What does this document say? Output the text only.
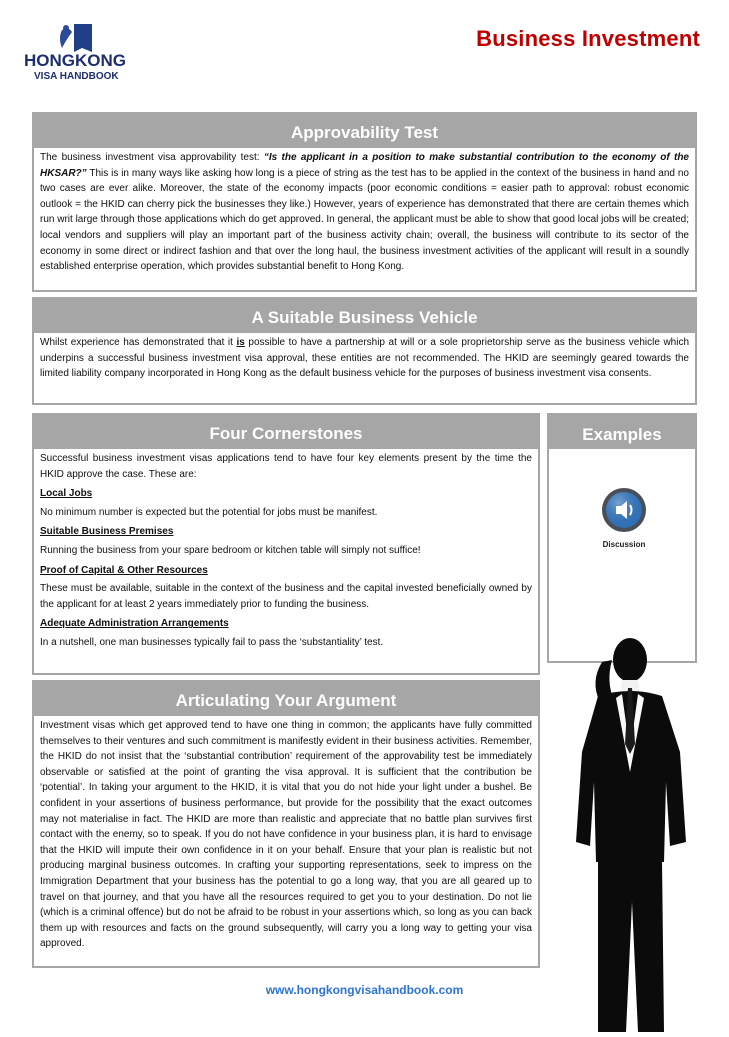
HONGKONG
VISA HANDBOOK
Business Investment
Approvability Test

The business investment visa approvability test: “Is the applicant in a position to make substantial contribution to the economy of the HKSAR?” This is in many ways like asking how long is a piece of string as the test has to be applied in the context of the business in hand and no two cases are ever alike. Moreover, the state of the economy impacts (poor economic conditions = easier path to approval: robust economic outlook = the HKID can cherry pick the businesses they like.) However, years of experience has demonstrated that there are certain themes which run writ large through those applications which do get approved. In general, the applicant must be able to show that good local jobs will be created; local vendors and suppliers will play an important part of the business activity chain; overall, the business will contribute to its sector of the economy in some direct or indirect fashion and that over the long haul, the business investment activities of the applicant will result in a soundly established enterprise operation, which provides substantial benefit to Hong Kong.

A Suitable Business Vehicle

Whilst experience has demonstrated that it is possible to have a partnership at will or a sole proprietorship serve as the business vehicle which underpins a successful business investment visa approval, these entities are not recommended. The HKID are seemingly geared towards the limited liability company incorporated in Hong Kong as the default business vehicle for the purposes of business investment visa consents.

Four Cornerstones

Successful business investment visas applications tend to have four key elements present by the time the HKID approve the case. These are:

Local Jobs
No minimum number is expected but the potential for jobs must be manifest.
Suitable Business Premises
Running the business from your spare bedroom or kitchen table will simply not suffice!
Proof of Capital & Other Resources
These must be available, suitable in the context of the business and the capital invested beneficially owned by the applicant for at least 2 years immediately prior to funding the business.
Adequate Administration Arrangements
In a nutshell, one man businesses typically fail to pass the ‘substantiality’ test.
Examples
Discussion
Articulating Your Argument

Investment visas which get approved tend to have one thing in common; the applicants have fully committed themselves to their ventures and such commitment is manifestly evident in their business activities. Remember, the HKID do not insist that the ‘substantial contribution’ requirement of the approvability test be immediately observable or satisfied at the point of granting the visa approval. It is sufficient that the contribution be ‘potential’. In taking your argument to the HKID, it is vital that you do not hide your light under a bushel. Be confident in your assertions of business performance, but provide for the possibility that the exact outcomes may not materialise in fact. The HKID are more than realistic and appreciate that no battle plan survives first contact with the enemy, so to speak. If you do not have confidence in your business plan, it is hard to envisage that the HKID will impute their own confidence in it on your behalf. Ensure that your plan is realistic but not producing marginal business outcomes. In crafting your supporting representations, seek to impress on the Immigration Department that your business has the potential to go a long way, that you are all geared up to travel on that journey, and that you have all the resources required to get you to your destination. Do not lie (which is a criminal offence) but do not be afraid to be robust in your assertions which, so long as you can back them up with resources and facts on the ground subsequently, will carry you a long way to getting your visa approved.

www.hongkongvisahandbook.com
